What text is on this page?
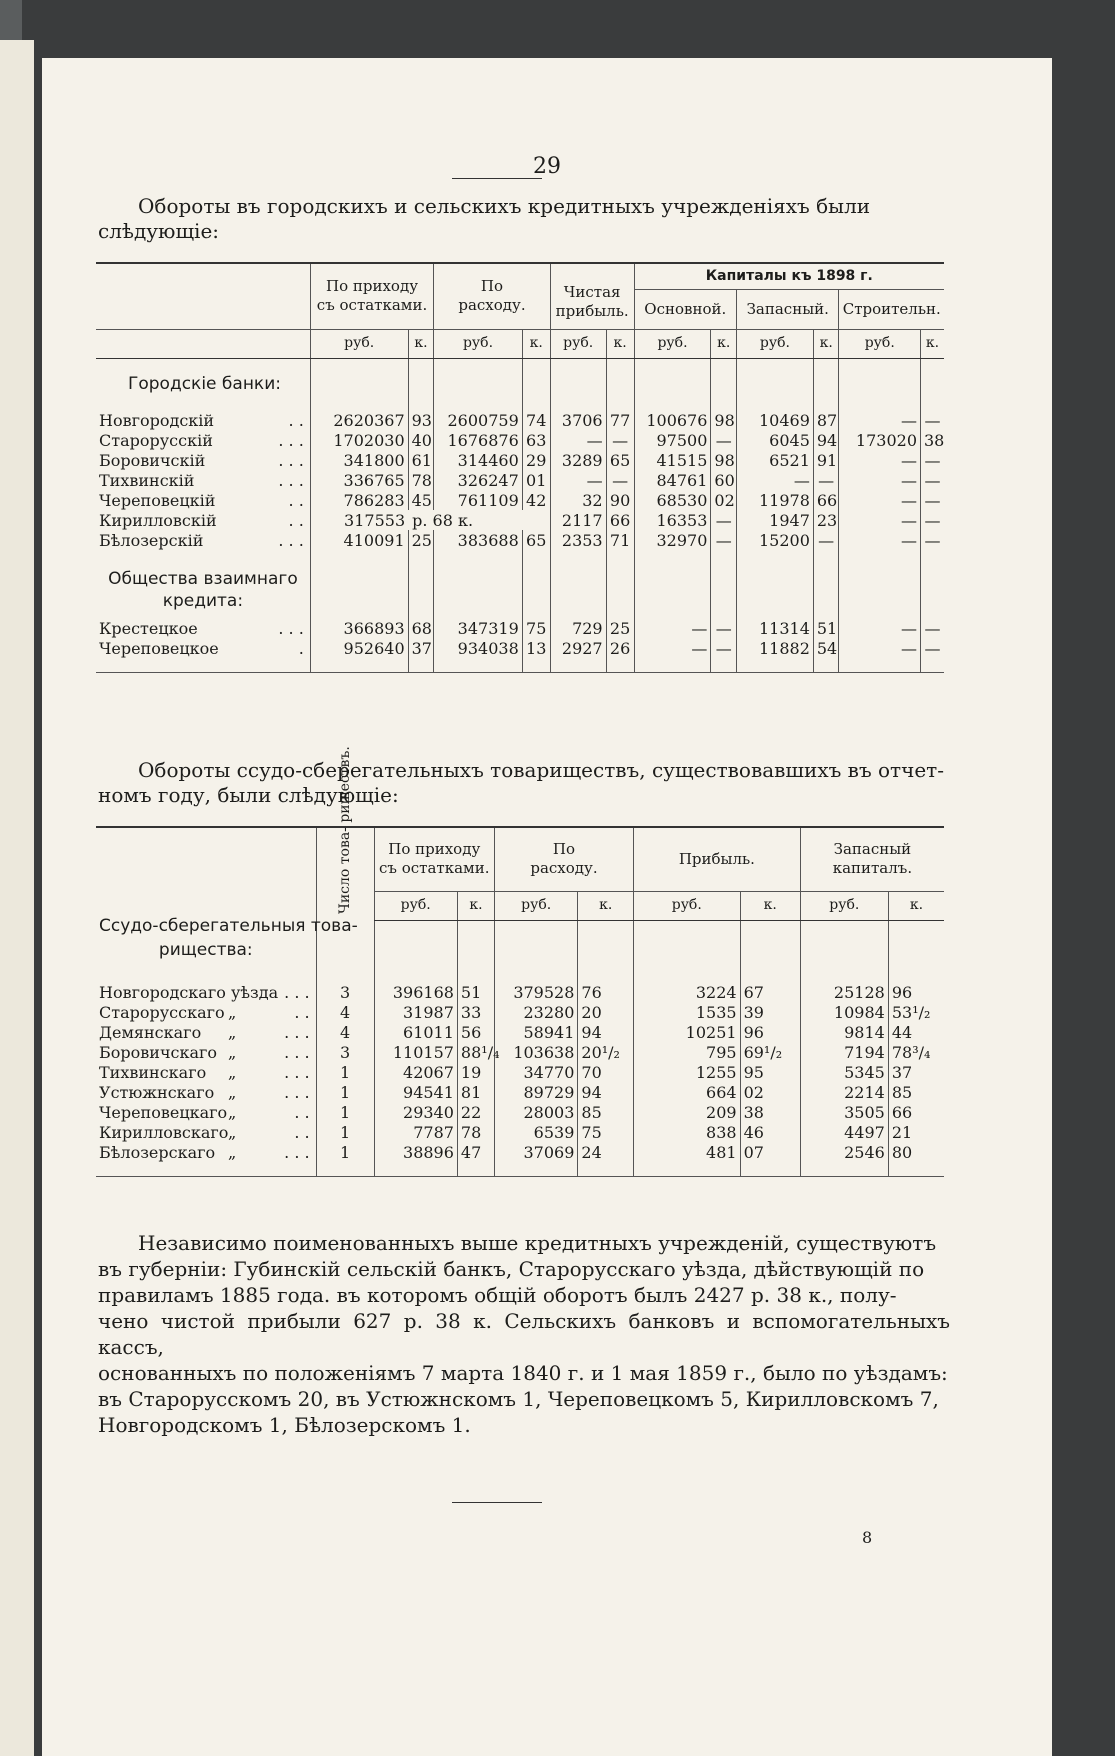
29

Обороты въ городскихъ и сельскихъ кредитныхъ учрежденіяхъ были
слѣдующіе:

	По приходу
съ остатками.		По
расходу.		Чистая
прибыль.		Капиталы къ 1898 г.					
							Основной.		Запасный.		Строительн.	
	руб.	к.	руб.	к.	руб.	к.	руб.	к.	руб.	к.	руб.	к.
Городскіе банки:												
Новгородскій . .	2620367	93	2600759	74	3706	77	100676	98	10469	87	—	—
Старорусскій . . .	1702030	40	1676876	63	—	—	97500	—	6045	94	173020	38
Боровичскій . . .	341800	61	314460	29	3289	65	41515	98	6521	91	—	—
Тихвинскій . . .	336765	78	326247	01	—	—	84761	60	—	—	—	—
Череповецкій . .	786283	45	761109	42	32	90	68530	02	11978	66	—	—
Кирилловскій . .	317553	р. 68 к.			2117	66	16353	—	1947	23	—	—
Бѣлозерскій . . .	410091	25	383688	65	2353	71	32970	—	15200	—	—	—
Общества взаимнаго
кредита:												
Крестецкое . . .	366893	68	347319	75	729	25	—	—	11314	51	—	—
Череповецкое .	952640	37	934038	13	2927	26	—	—	11882	54	—	—

Обороты ссудо-сберегательныхъ товариществъ, существовавшихъ въ отчет-
номъ году, были слѣдующіе:

Ссудо-сберегательныя това-
рищества:	Число това- риществъ.	По приходу
съ остатками.		По
расходу.		Прибыль.		Запасный
капиталъ.	
		руб.	к.	руб.	к.	руб.	к.	руб.	к.

Новгородскаго уѣзда . . .	3	396168	51	379528	76	3224	67	25128	96
Старорусскаго „ . .	4	31987	33	23280	20	1535	39	10984	53¹/₂
Демянскаго „ . . .	4	61011	56	58941	94	10251	96	9814	44
Боровичскаго „ . . .	3	110157	88¹/₄	103638	20¹/₂	795	69¹/₂	7194	78³/₄
Тихвинскаго „ . . .	1	42067	19	34770	70	1255	95	5345	37
Устюжнскаго „ . . .	1	94541	81	89729	94	664	02	2214	85
Череповецкаго „ . .	1	29340	22	28003	85	209	38	3505	66
Кирилловскаго „ . .	1	7787	78	6539	75	838	46	4497	21
Бѣлозерскаго „ . . .	1	38896	47	37069	24	481	07	2546	80

Независимо поименованныхъ выше кредитныхъ учрежденій, существуютъ
въ губерніи: Губинскій сельскій банкъ, Старорусскаго уѣзда, дѣйствующій по
правиламъ 1885 года. въ которомъ общій оборотъ былъ 2427 р. 38 к., полу-
чено чистой прибыли 627 р. 38 к. Сельскихъ банковъ и вспомогательныхъ кассъ,
основанныхъ по положеніямъ 7 марта 1840 г. и 1 мая 1859 г., было по уѣздамъ:
въ Старорусскомъ 20, въ Устюжнскомъ 1, Череповецкомъ 5, Кирилловскомъ 7,
Новгородскомъ 1, Бѣлозерскомъ 1.

8
